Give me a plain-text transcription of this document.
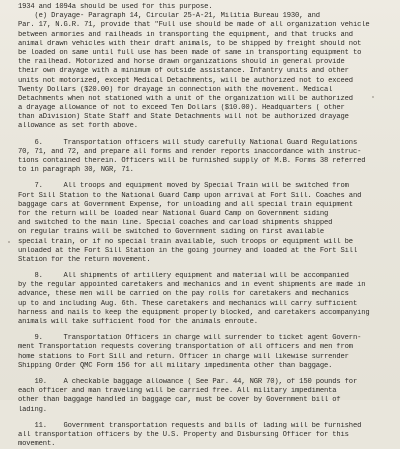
1934 and 1094a should be used for this purpose.
(e) Drayage- Paragraph 14, Circular 25-A-21, Militia Bureau 1930, and
Par. 17, N.G.R. 71, provide that "Full use should be made of all organization vehicle
between armories and railheads in transporting the equipment, and that trucks and
animal drawn vehicles with their draft animals, to be shipped by freight should not
be loaded on same until full use has been made of same in transporting equipment to
the railhead. Motorized and horse drawn organizations should in general provide
their own drayage with a minimum of outside assistance. Infantry units and other
units not motorized, except Medical Detachments, will be authorized not to exceed
Twenty Dollars ($20.00) for drayage in connection with the movement. Medical
Detachments when not stationed with a unit of the organization will be authorized
a drayage allowance of not to exceed Ten Dollars ($10.00). Headquarters ( other
than aDivision) State Staff and State Detachments will not be authorized drayage
allowance as set forth above.
6.     Transportation officers will study carefully National Guard Regulations
70, 71, and 72, and prepare all forms and render reports inaccordance with instruc-
tions contained therein. Officers will be furnished supply of M.B. Forms 38 referred
to in paragraph 30, NGR, 71.
7.     All troops and equipment moved by Special Train will be switched from
Fort Sill Station to the National Guard Camp upon arrival at Fort Sill. Coaches and
baggage cars at Government Expense, for unloading and all special train equipment
for the return will be loaded near National Guard Camp on Government siding
and switched to the main line. Special coaches and carload shipments shipped
on regular trains will be switched to Government siding on first available
special train, or if no special train available, such troops or equipment will be
unloaded at the Fort Sill Station in the going journey and loaded at the Fort Sill
Station for the return movement.
8.     All shipments of artillery equipment and material will be accompanied
by the regular appointed caretakers and mechanics and in event shipments are made in
advance, these men will be carried on the pay rolls for caretakers and mechanics
up to and including Aug. 6th. These caretakers and mechanics will carry sufficient
harness and nails to keep the equipment properly blocked, and caretakers accompanying
animals will take sufficient food for the animals enroute.
9.     Transportation Officers in charge will surrender to ticket agent Govern-
ment Transportation requests covering transportation of all officers and men from
home stations to Fort Sill and return. Officer in charge will likewise surrender
Shipping Order QMC Form 156 for all military impedimenta other than baggage.
10.    A checkable baggage allowance ( See Par. 44, NGR 70), of 150 pounds for
each officer and man traveling will be carried free. All military impedimenta
other than baggage handled in baggage car, must be cover by Government bill of
lading.
11.    Government transportation requests and bills of lading will be furnished
all transportation officers by the U.S. Property and Disbursing Officer for this
movement.
